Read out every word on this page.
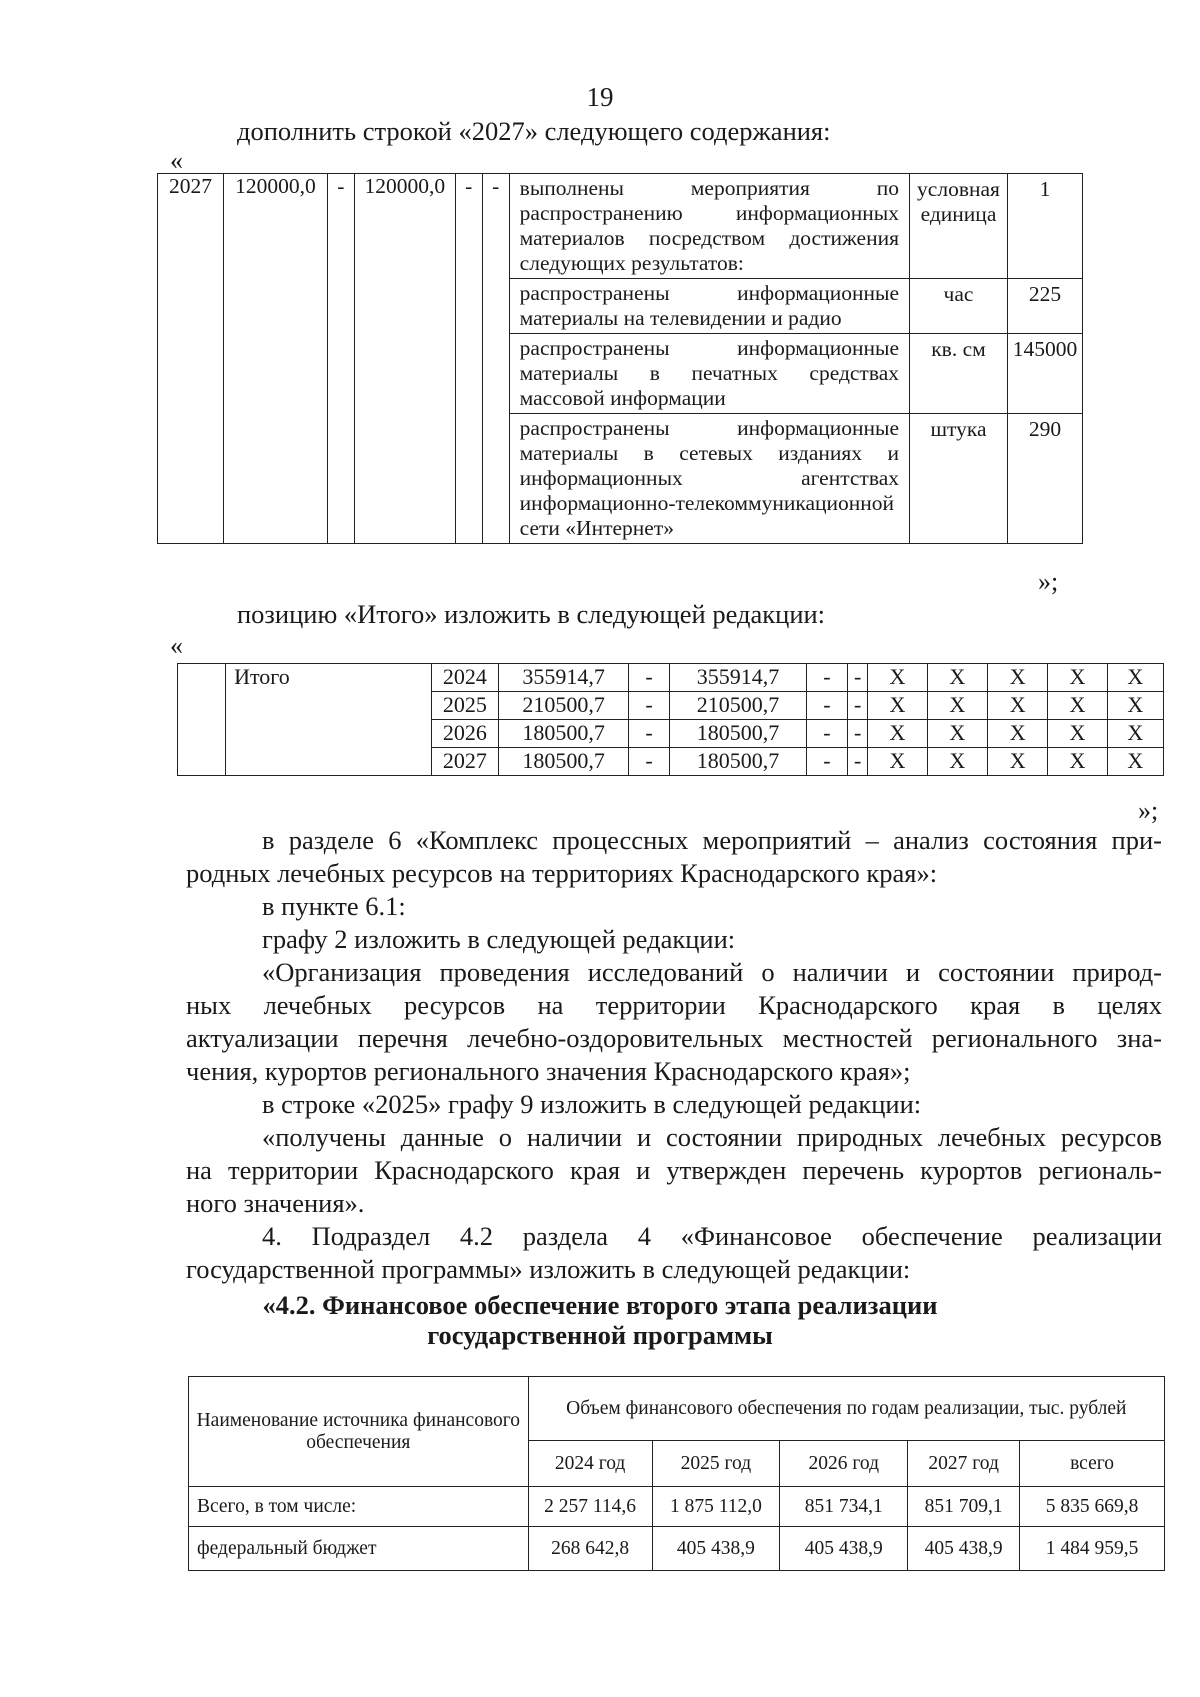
19
дополнить строкой «2027» следующего содержания:
«
2027	120000,0	-	120000,0	-	-	выполнены мероприятия по распространению информационных материалов посредством достижения следующих результатов:	условная единица	1
						распространены информационные материалы на телевидении и радио	час	225
						распространены информационные материалы в печатных средствах массовой информации	кв. см	145000
						распространены информационные материалы в сетевых изданиях и информационных агентствах информационно-телекоммуникационной сети «Интернет»	штука	290
»;
позицию «Итого» изложить в следующей редакции:
«
	Итого	2024	355914,7	-	355914,7	-	-	X	X	X	X	X
		2025	210500,7	-	210500,7	-	-	X	X	X	X	X
		2026	180500,7	-	180500,7	-	-	X	X	X	X	X
		2027	180500,7	-	180500,7	-	-	X	X	X	X	X
»;
в разделе 6 «Комплекс процессных мероприятий – анализ состояния при-
родных лечебных ресурсов на территориях Краснодарского края»:
в пункте 6.1:
графу 2 изложить в следующей редакции:
«Организация проведения исследований о наличии и состоянии природ-
ных лечебных ресурсов на территории Краснодарского края в целях
актуализации перечня лечебно-оздоровительных местностей регионального зна-
чения, курортов регионального значения Краснодарского края»;
в строке «2025» графу 9 изложить в следующей редакции:
«получены данные о наличии и состоянии природных лечебных ресурсов
на территории Краснодарского края и утвержден перечень курортов региональ-
ного значения».
4. Подраздел 4.2 раздела 4 «Финансовое обеспечение реализации
государственной программы» изложить в следующей редакции:
«4.2. Финансовое обеспечение второго этапа реализации
государственной программы
Наименование источника финансового обеспечения	Объем финансового обеспечения по годам реализации, тыс. рублей				
	2024 год	2025 год	2026 год	2027 год	всего
Всего, в том числе:	2 257 114,6	1 875 112,0	851 734,1	851 709,1	5 835 669,8
федеральный бюджет	268 642,8	405 438,9	405 438,9	405 438,9	1 484 959,5
